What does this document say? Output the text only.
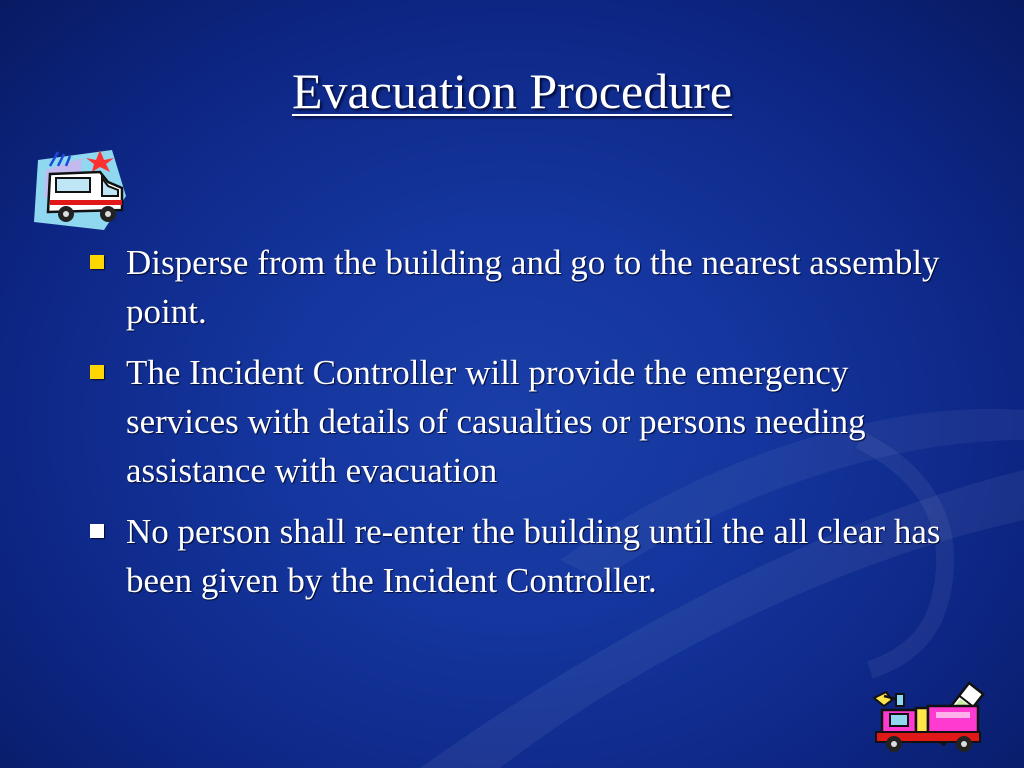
Evacuation Procedure
Disperse from the building and go to the nearest assembly point.
The Incident Controller will provide the emergency services with details of casualties or persons needing assistance with evacuation
No person shall re-enter the building until the all clear has been given by the Incident Controller.
